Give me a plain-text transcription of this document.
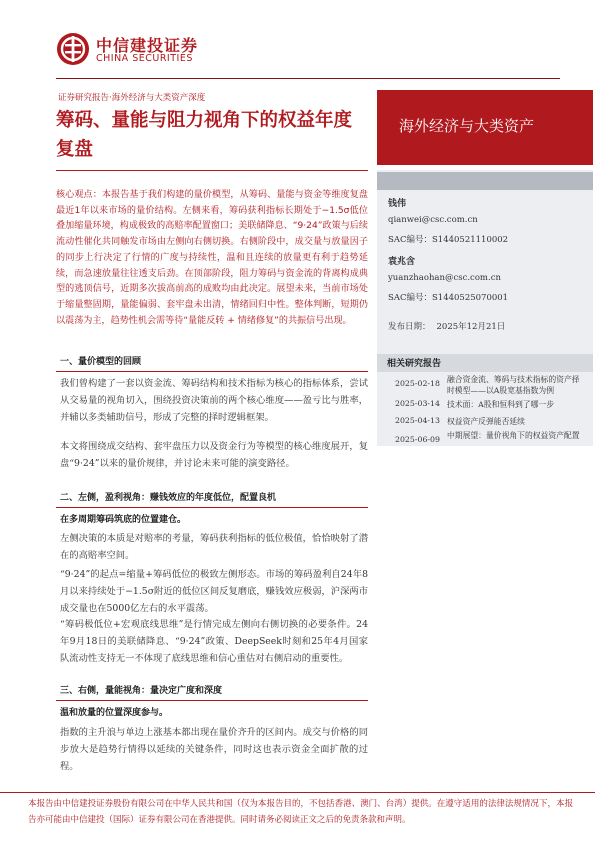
中信建投证券
CHINA SECURITIES
证券研究报告·海外经济与大类资产深度
筹码、量能与阻力视角下的权益年度复盘
海外经济与大类资产
核心观点：本报告基于我们构建的量价模型，从筹码、量能与资金等维度复盘最近1年以来市场的量价结构。左侧来看，筹码获利指标长期处于−1.5σ低位叠加缩量环境，构成极致的高赔率配置窗口；美联储降息、“9·24”政策与后续流动性催化共同触发市场由左侧向右侧切换。右侧阶段中，成交量与放量因子的同步上行决定了行情的广度与持续性，温和且连续的放量更有利于趋势延续，而急速放量往往透支后劲。在顶部阶段，阻力筹码与资金流的背离构成典型的逃顶信号，近期多次拔高前高的成败均由此决定。展望未来，当前市场处于缩量整固期，量能偏弱、套牢盘未出清，情绪回归中性。整体判断，短期仍以震荡为主，趋势性机会需等待“量能反转 + 情绪修复”的共振信号出现。
钱伟
qianwei@csc.com.cn
SAC编号：S1440521110002
袁兆含
yuanzhaohan@csc.com.cn
SAC编号：S1440525070001
发布日期： 2025年12月21日
相关研究报告
2025-02-18 融合资金流、筹码与技术指标的资产择时模型——以A股宽基指数为例
2025-03-14 技术面：A股和恒科到了哪一步
2025-04-13 权益资产反弹能否延续
2025-06-09 中期展望：量价视角下的权益资产配置
一、量价模型的回顾
我们曾构建了一套以资金流、筹码结构和技术指标为核心的指标体系，尝试从交易量的视角切入，围绕投资决策前的两个核心维度——盈亏比与胜率，并辅以多类辅助信号，形成了完整的择时逻辑框架。
本文将围绕成交结构、套牢盘压力以及资金行为等模型的核心维度展开，复盘“9·24”以来的量价规律，并讨论未来可能的演变路径。
二、左侧，盈利视角：赚钱效应的年度低位，配置良机
在多周期筹码筑底的位置建仓。
左侧决策的本质是对赔率的考量，筹码获利指标的低位极值，恰恰映射了潜在的高赔率空间。
“9·24”的起点=缩量+筹码低位的极致左侧形态。市场的筹码盈利自24年8月以来持续处于−1.5σ附近的低位区间反复磨底，赚钱效应极弱，沪深两市成交量也在5000亿左右的水平震荡。
“筹码极低位+宏观底线思维”是行情完成左侧向右侧切换的必要条件。24年9月18日的美联储降息、“9·24”政策、DeepSeek时刻和25年4月国家队流动性支持无一不体现了底线思维和信心重估对右侧启动的重要性。
三、右侧，量能视角：量决定广度和深度
温和放量的位置深度参与。
指数的主升浪与单边上涨基本都出现在量价齐升的区间内。成交与价格的同步放大是趋势行情得以延续的关键条件，同时这也表示资金全面扩散的过程。
本报告由中信建投证券股份有限公司在中华人民共和国（仅为本报告目的，不包括香港、澳门、台湾）提供。在遵守适用的法律法规情况下，本报告亦可能由中信建投（国际）证券有限公司在香港提供。同时请务必阅读正文之后的免责条款和声明。
